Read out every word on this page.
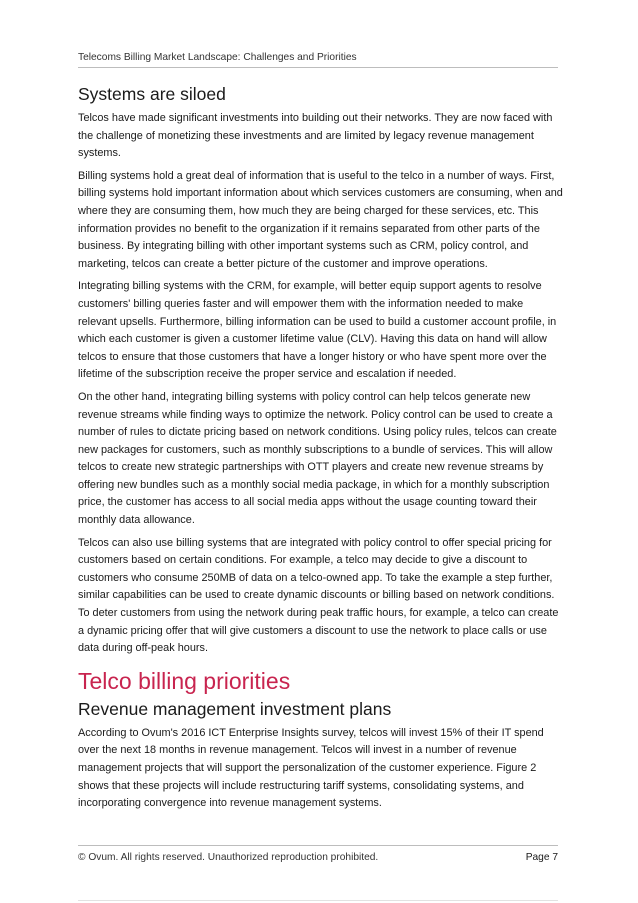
Telecoms Billing Market Landscape: Challenges and Priorities
Systems are siloed

Telcos have made significant investments into building out their networks. They are now faced with the challenge of monetizing these investments and are limited by legacy revenue management systems.

Billing systems hold a great deal of information that is useful to the telco in a number of ways. First, billing systems hold important information about which services customers are consuming, when and where they are consuming them, how much they are being charged for these services, etc. This information provides no benefit to the organization if it remains separated from other parts of the business. By integrating billing with other important systems such as CRM, policy control, and marketing, telcos can create a better picture of the customer and improve operations.

Integrating billing systems with the CRM, for example, will better equip support agents to resolve customers' billing queries faster and will empower them with the information needed to make relevant upsells. Furthermore, billing information can be used to build a customer account profile, in which each customer is given a customer lifetime value (CLV). Having this data on hand will allow telcos to ensure that those customers that have a longer history or who have spent more over the lifetime of the subscription receive the proper service and escalation if needed.

On the other hand, integrating billing systems with policy control can help telcos generate new revenue streams while finding ways to optimize the network. Policy control can be used to create a number of rules to dictate pricing based on network conditions. Using policy rules, telcos can create new packages for customers, such as monthly subscriptions to a bundle of services. This will allow telcos to create new strategic partnerships with OTT players and create new revenue streams by offering new bundles such as a monthly social media package, in which for a monthly subscription price, the customer has access to all social media apps without the usage counting toward their monthly data allowance.

Telcos can also use billing systems that are integrated with policy control to offer special pricing for customers based on certain conditions. For example, a telco may decide to give a discount to customers who consume 250MB of data on a telco-owned app. To take the example a step further, similar capabilities can be used to create dynamic discounts or billing based on network conditions. To deter customers from using the network during peak traffic hours, for example, a telco can create a dynamic pricing offer that will give customers a discount to use the network to place calls or use data during off-peak hours.

Telco billing priorities
Revenue management investment plans

According to Ovum's 2016 ICT Enterprise Insights survey, telcos will invest 15% of their IT spend over the next 18 months in revenue management. Telcos will invest in a number of revenue management projects that will support the personalization of the customer experience. Figure 2 shows that these projects will include restructuring tariff systems, consolidating systems, and incorporating convergence into revenue management systems.

© Ovum. All rights reserved. Unauthorized reproduction prohibited.	Page 7
